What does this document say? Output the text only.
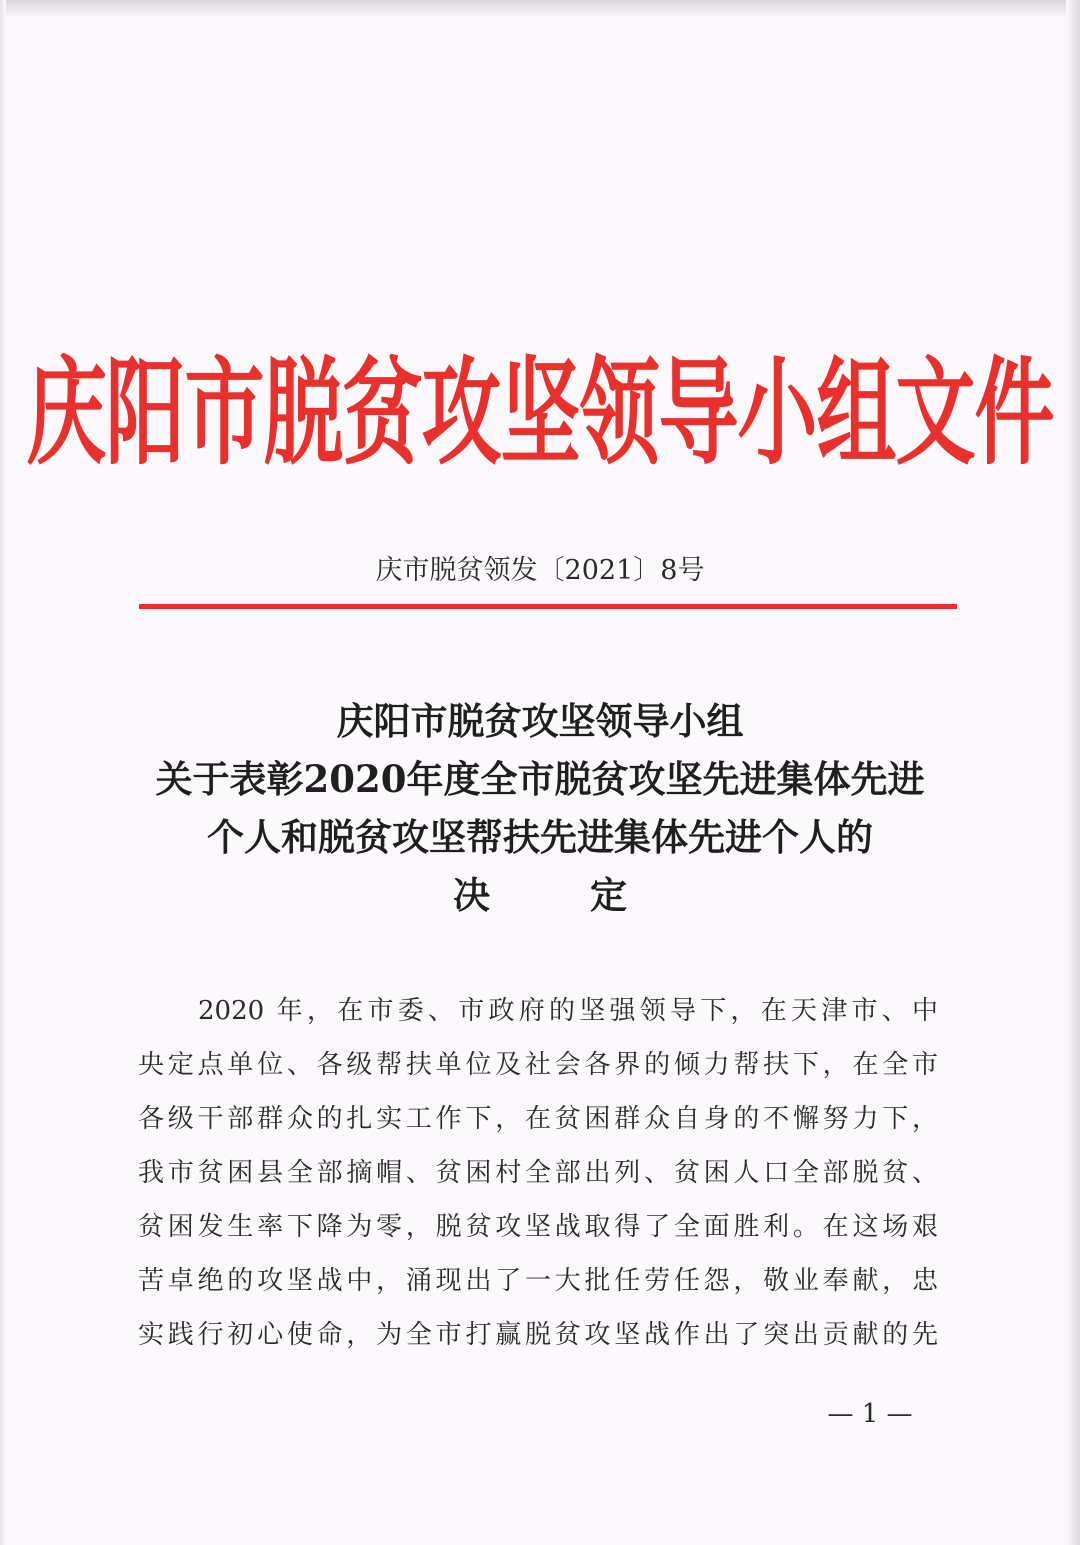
庆阳市脱贫攻坚领导小组文件
庆市脱贫领发〔2021〕8号
庆阳市脱贫攻坚领导小组
关于表彰2020年度全市脱贫攻坚先进集体先进
个人和脱贫攻坚帮扶先进集体先进个人的
决定
2020 年，在市委、市政府的坚强领导下，在天津市、中
央定点单位、各级帮扶单位及社会各界的倾力帮扶下，在全市
各级干部群众的扎实工作下，在贫困群众自身的不懈努力下，
我市贫困县全部摘帽、贫困村全部出列、贫困人口全部脱贫、
贫困发生率下降为零，脱贫攻坚战取得了全面胜利。在这场艰
苦卓绝的攻坚战中，涌现出了一大批任劳任怨，敬业奉献，忠
实践行初心使命，为全市打赢脱贫攻坚战作出了突出贡献的先
— 1 —
